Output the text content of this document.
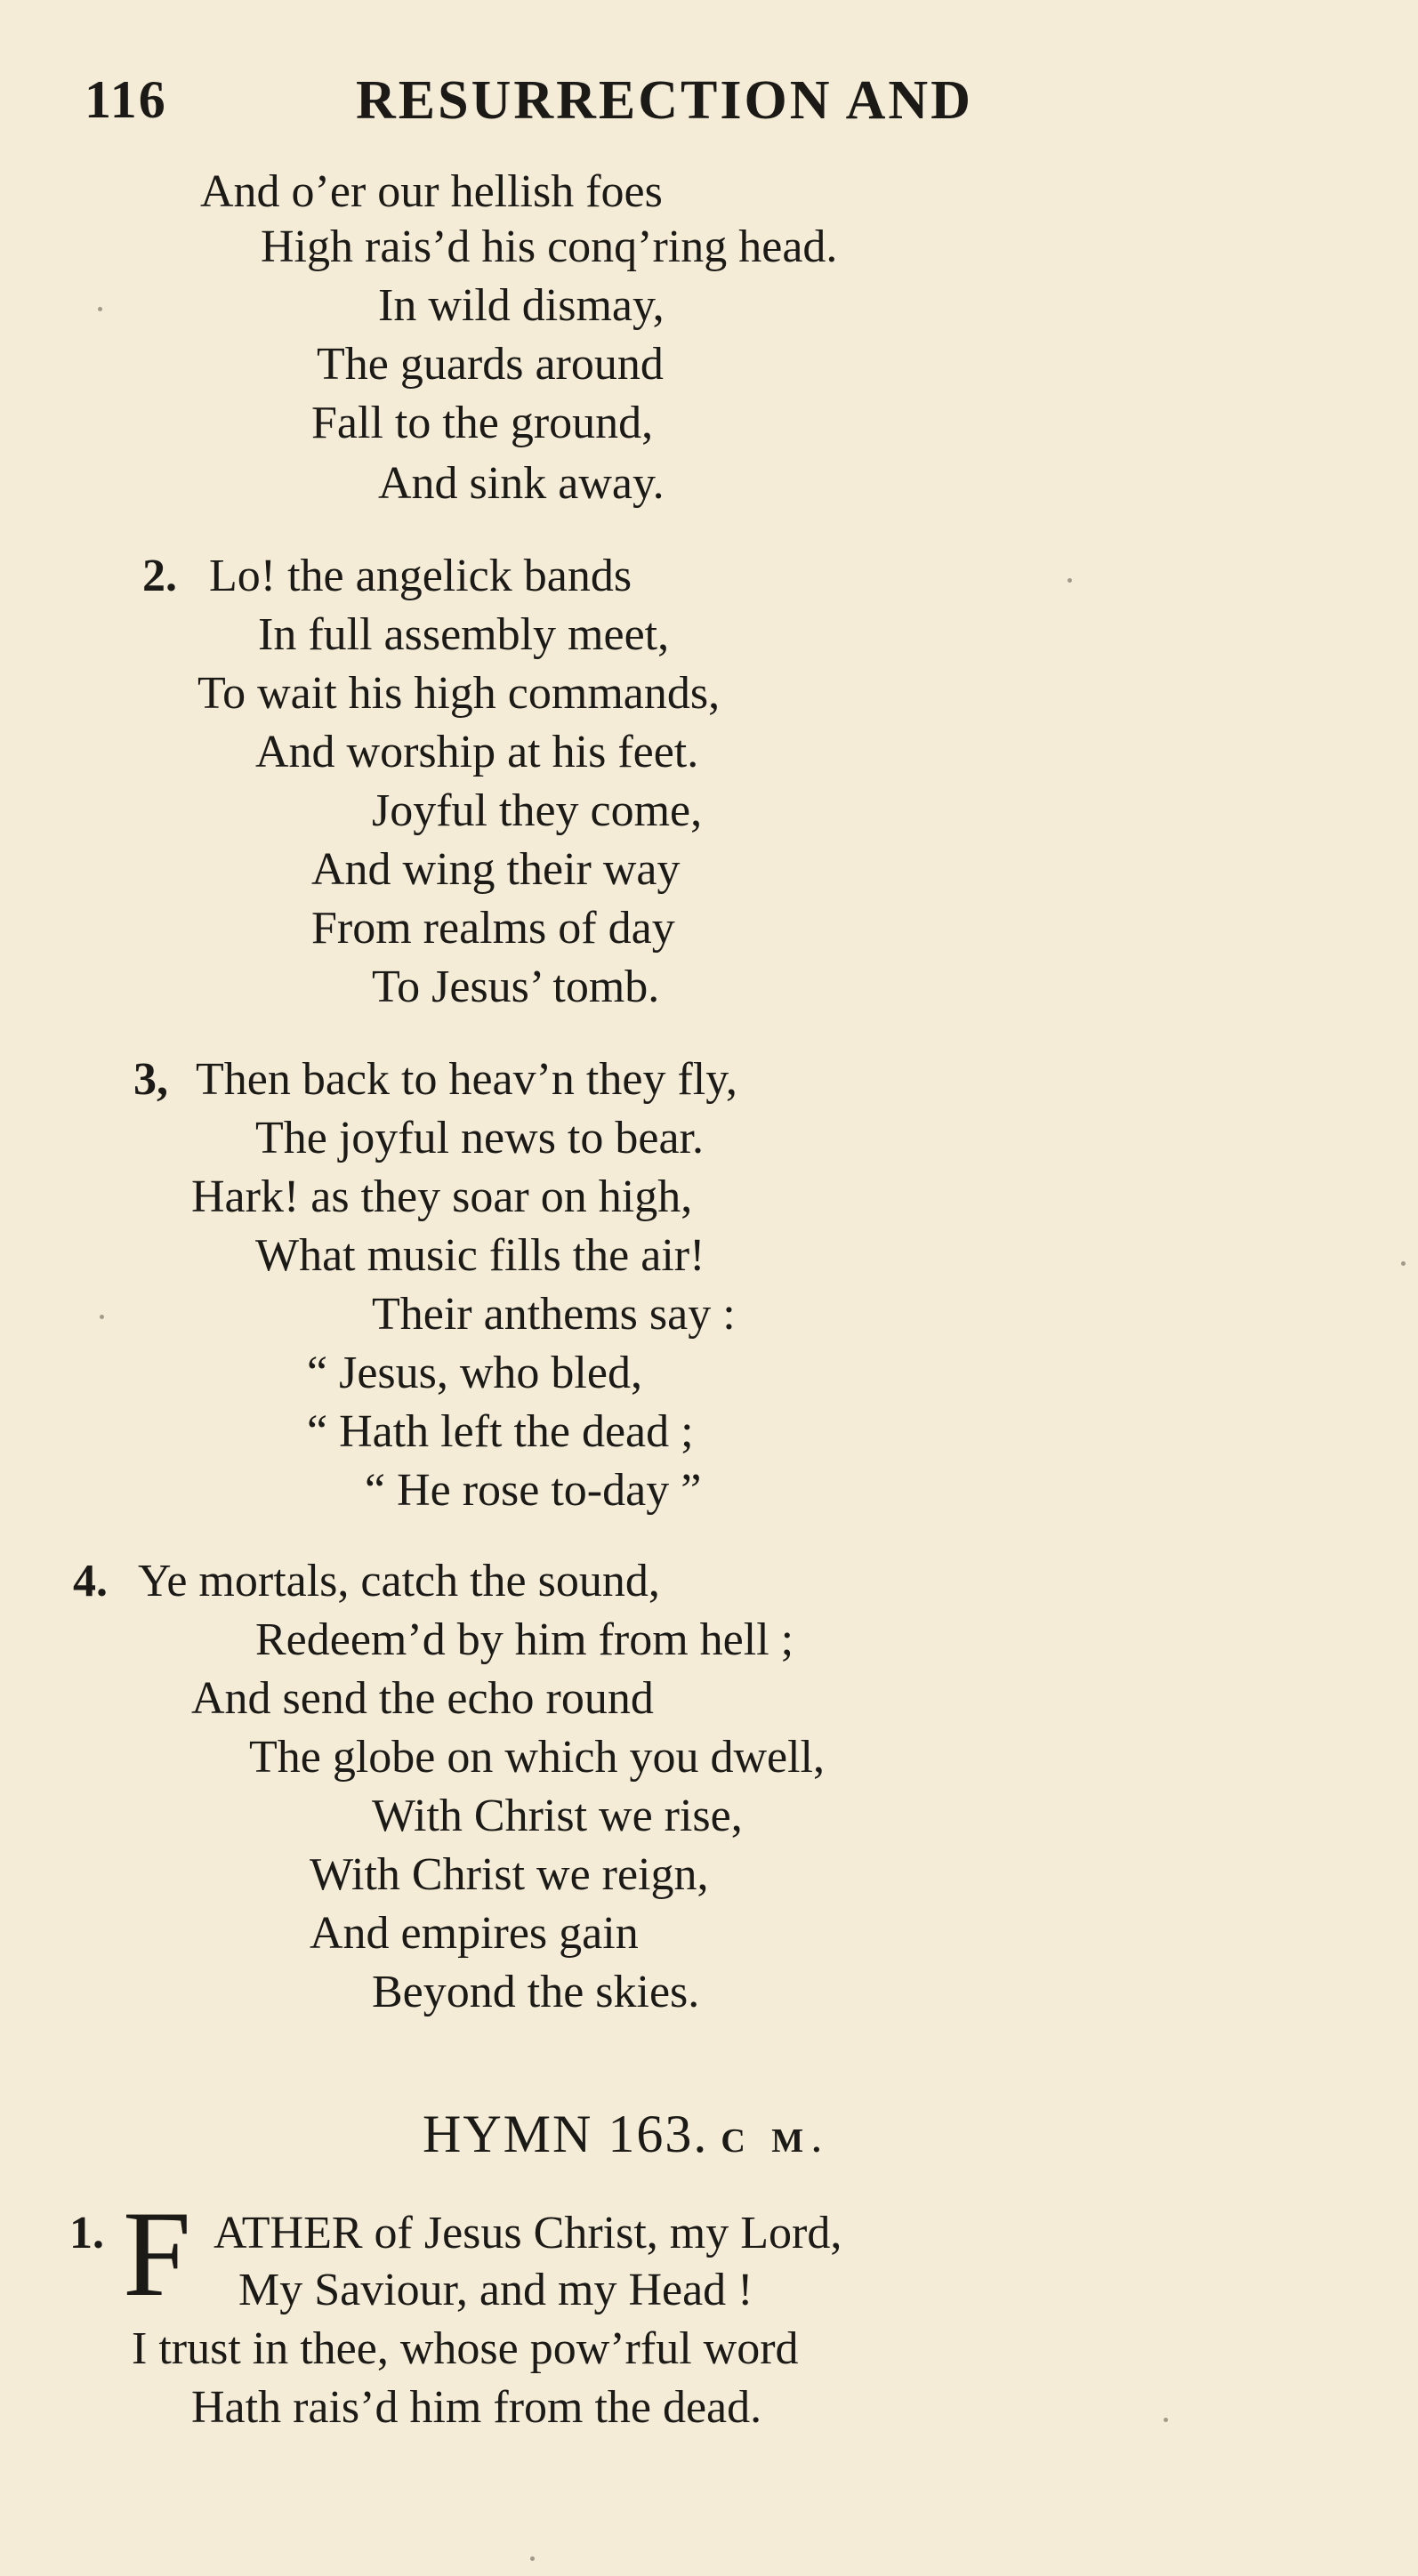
116	RESURRECTION AND
And o’er our hellish foes
High rais’d his conq’ring head.
In wild dismay,
The guards around
Fall to the ground,
And sink away.
2. Lo! the angelick bands
In full assembly meet,
To wait his high commands,
And worship at his feet.
Joyful they come,
And wing their way
From realms of day
To Jesus’ tomb.
3, Then back to heav’n they fly,
The joyful news to bear.
Hark! as they soar on high,
What music fills the air!
Their anthems say :
“ Jesus, who bled,
“ Hath left the dead ;
“ He rose to-day ”
4. Ye mortals, catch the sound,
Redeem’d by him from hell ;
And send the echo round
The globe on which you dwell,
With Christ we rise,
With Christ we reign,
And empires gain
Beyond the skies.
HYMN 163. C M.
1. F ATHER of Jesus Christ, my Lord,
My Saviour, and my Head !
I trust in thee, whose pow’rful word
Hath rais’d him from the dead.
